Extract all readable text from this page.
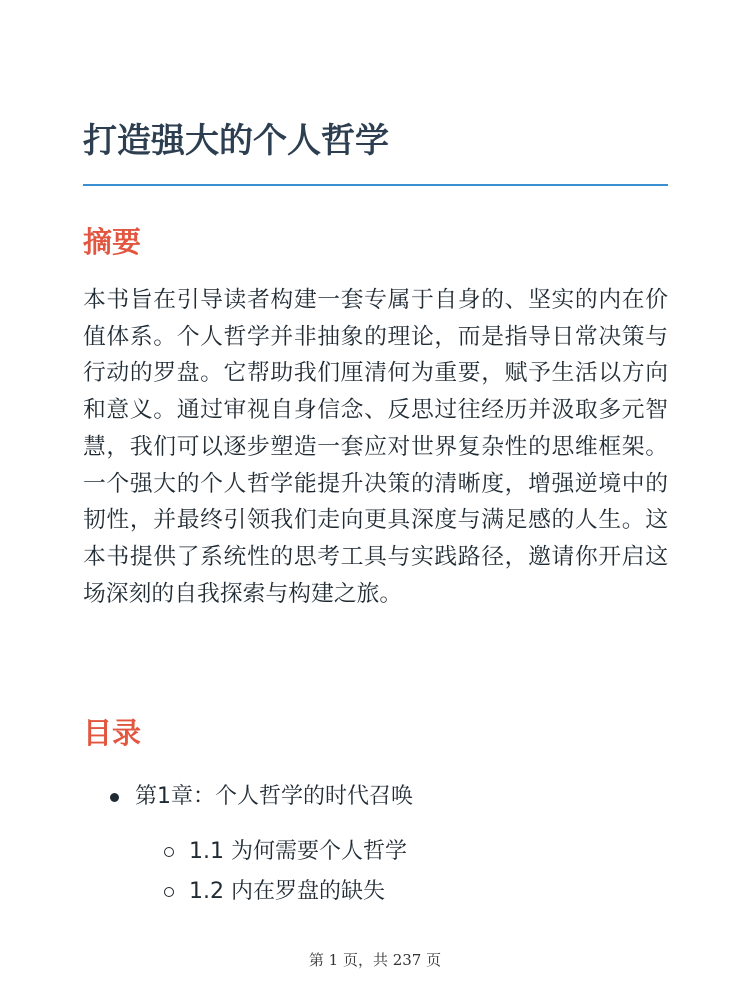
打造强大的个人哲学
摘要

本书旨在引导读者构建一套专属于自身的、坚实的内在价值体系。个人哲学并非抽象的理论，而是指导日常决策与行动的罗盘。它帮助我们厘清何为重要，赋予生活以方向和意义。通过审视自身信念、反思过往经历并汲取多元智慧，我们可以逐步塑造一套应对世界复杂性的思维框架。一个强大的个人哲学能提升决策的清晰度，增强逆境中的韧性，并最终引领我们走向更具深度与满足感的人生。这本书提供了系统性的思考工具与实践路径，邀请你开启这场深刻的自我探索与构建之旅。

目录
第1章：个人哲学的时代召唤
1.1 为何需要个人哲学
1.2 内在罗盘的缺失
第 1 页，共 237 页
